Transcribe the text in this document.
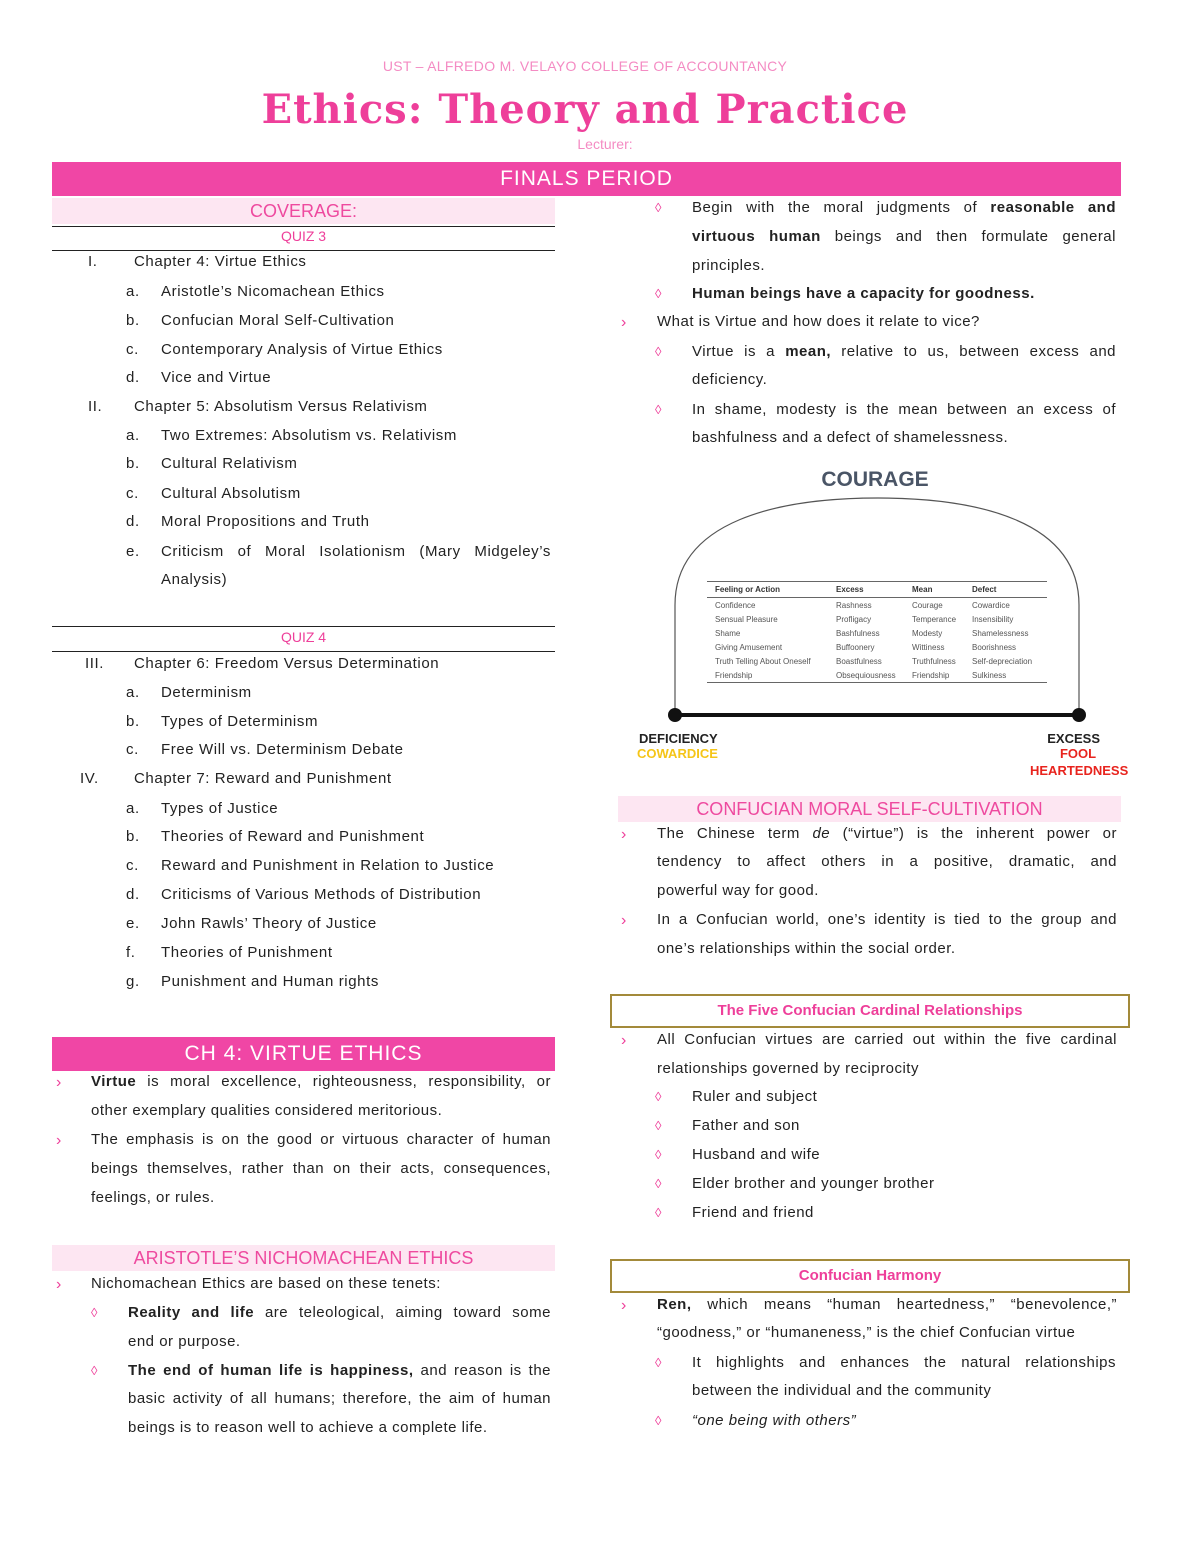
UST – ALFREDO M. VELAYO COLLEGE OF ACCOUNTANCY
Ethics: Theory and Practice
Lecturer:
FINALS PERIOD
COVERAGE:
QUIZ 3
I. Chapter 4: Virtue Ethics
a. Aristotle’s Nicomachean Ethics
b. Confucian Moral Self-Cultivation
c. Contemporary Analysis of Virtue Ethics
d. Vice and Virtue
II. Chapter 5: Absolutism Versus Relativism
a. Two Extremes: Absolutism vs. Relativism
b. Cultural Relativism
c. Cultural Absolutism
d. Moral Propositions and Truth
e. Criticism of Moral Isolationism (Mary Midgeley’s
Analysis)
QUIZ 4
III. Chapter 6: Freedom Versus Determination
a. Determinism
b. Types of Determinism
c. Free Will vs. Determinism Debate
IV. Chapter 7: Reward and Punishment
a. Types of Justice
b. Theories of Reward and Punishment
c. Reward and Punishment in Relation to Justice
d. Criticisms of Various Methods of Distribution
e. John Rawls’ Theory of Justice
f. Theories of Punishment
g. Punishment and Human rights
CH 4: VIRTUE ETHICS
› Virtue is moral excellence, righteousness, responsibility, or
other exemplary qualities considered meritorious.
› The emphasis is on the good or virtuous character of human
beings themselves, rather than on their acts, consequences,
feelings, or rules.
ARISTOTLE’S NICHOMACHEAN ETHICS
› Nichomachean Ethics are based on these tenets:
◊ Reality and life are teleological, aiming toward some
end or purpose.
◊ The end of human life is happiness, and reason is the
basic activity of all humans; therefore, the aim of human
beings is to reason well to achieve a complete life.
◊ Begin with the moral judgments of reasonable and
virtuous human beings and then formulate general
principles.
◊ Human beings have a capacity for goodness.
› What is Virtue and how does it relate to vice?
◊ Virtue is a mean, relative to us, between excess and
deficiency.
◊ In shame, modesty is the mean between an excess of
bashfulness and a defect of shamelessness.
COURAGE
Feeling or Action	Excess	Mean	Defect
Confidence	Rashness	Courage	Cowardice
Sensual Pleasure	Profligacy	Temperance	Insensibility
Shame	Bashfulness	Modesty	Shamelessness
Giving Amusement	Buffoonery	Wittiness	Boorishness
Truth Telling About Oneself	Boastfulness	Truthfulness	Self-depreciation
Friendship	Obsequiousness	Friendship	Sulkiness
DEFICIENCY
COWARDICE
EXCESS
FOOL
HEARTEDNESS
CONFUCIAN MORAL SELF-CULTIVATION
› The Chinese term de (“virtue”) is the inherent power or
tendency to affect others in a positive, dramatic, and
powerful way for good.
› In a Confucian world, one’s identity is tied to the group and
one’s relationships within the social order.
The Five Confucian Cardinal Relationships
› All Confucian virtues are carried out within the five cardinal
relationships governed by reciprocity
◊ Ruler and subject
◊ Father and son
◊ Husband and wife
◊ Elder brother and younger brother
◊ Friend and friend
Confucian Harmony
› Ren, which means “human heartedness,” “benevolence,”
“goodness,” or “humaneness,” is the chief Confucian virtue
◊ It highlights and enhances the natural relationships
between the individual and the community
◊ “one being with others”
